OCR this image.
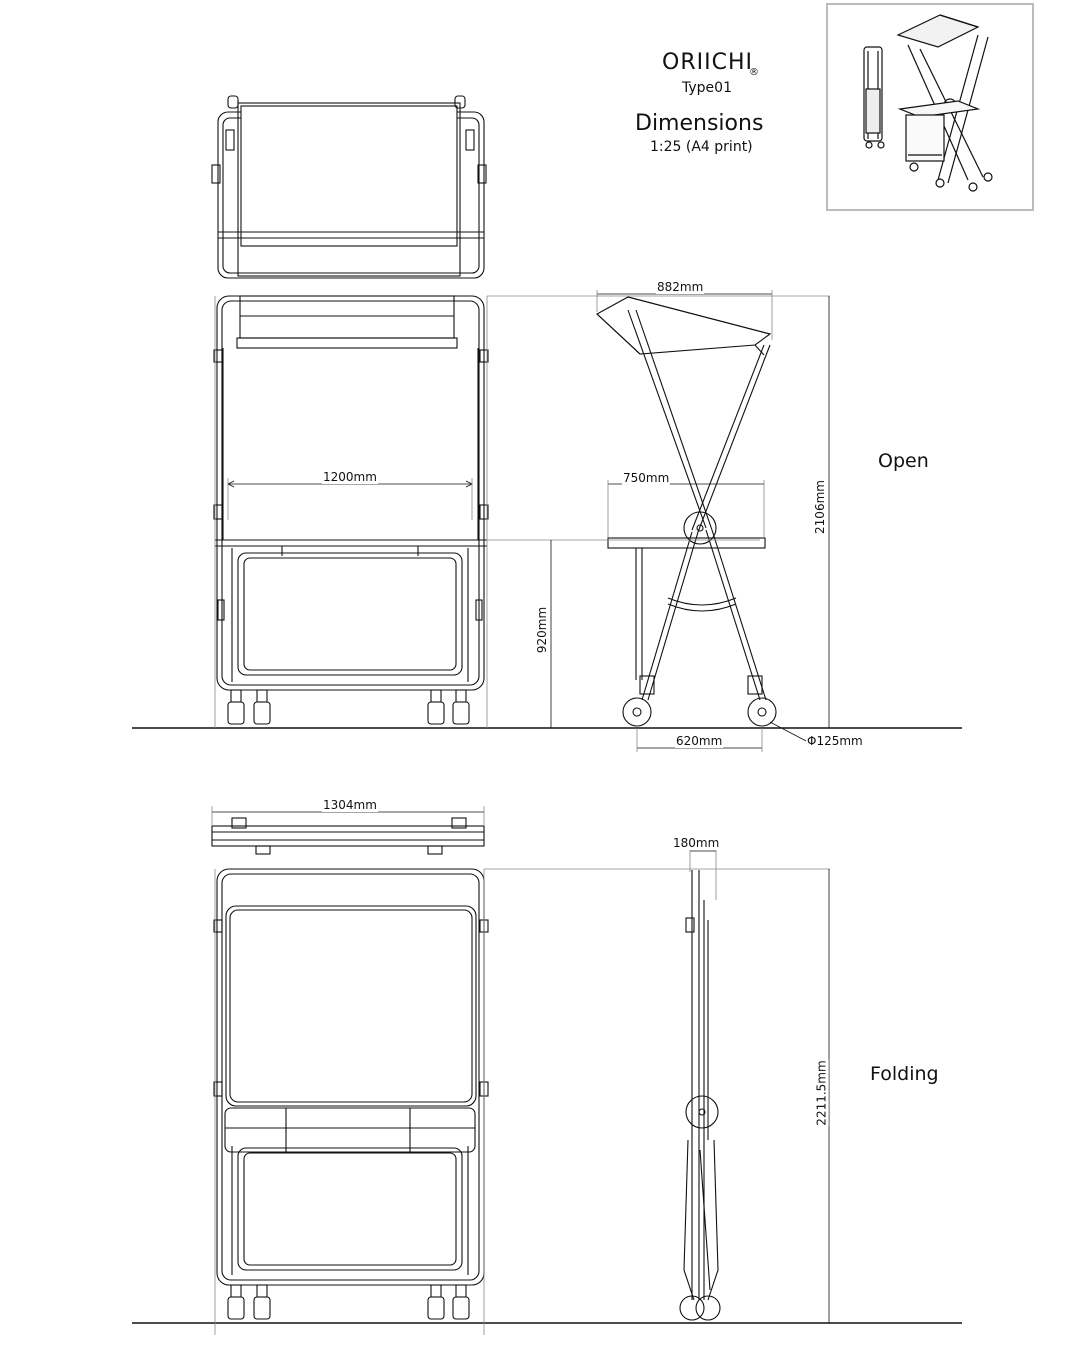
ORIICHI
®
Type01
Dimensions
1:25 (A4 print)
Open
Folding
1200mm
882mm
750mm
2106mm
920mm
620mm	Φ125mm
1304mm
180mm
2211.5mm
